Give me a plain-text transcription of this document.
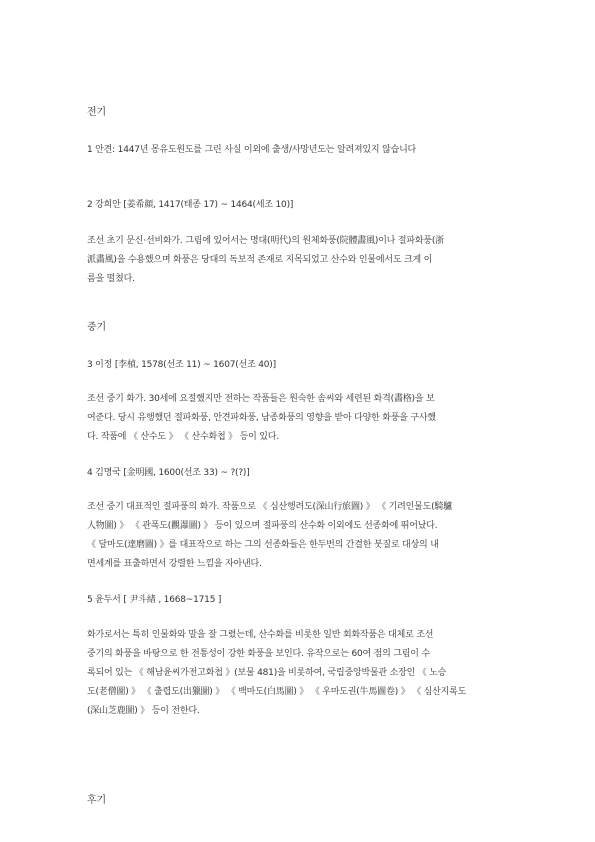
전기
1 안견: 1447년 몽유도원도를 그린 사실 이외에 출생/사망년도는 알려져있지 않습니다
2 강희안 [姜希顔, 1417(태종 17) ~ 1464(세조 10)]
조선 초기 문신·선비화가. 그림에 있어서는 명대(明代)의 원체화풍(院體畵風)이나 절파화풍(浙
派畵風)을 수용했으며 화풍은 당대의 독보적 존재로 지목되었고 산수와 인물에서도 크게 이
름을 떨쳤다.
중기
3 이정 [李楨, 1578(선조 11) ~ 1607(선조 40)]
조선 중기 화가. 30세에 요절했지만 전하는 작품들은 원숙한 솜씨와 세련된 화격(畵格)을 보
여준다. 당시 유행했던 절파화풍, 안견파화풍, 남종화풍의 영향을 받아 다양한 화풍을 구사했
다. 작품에 《 산수도 》 《 산수화첩 》 등이 있다.
4 김명국 [金明國, 1600(선조 33) ~ ?(?)]
조선 중기 대표적인 절파풍의 화가. 작품으로 《 심산행려도(深山行旅圖) 》 《 기려인물도(騎驢
人物圖) 》 《 관폭도(觀瀑圖) 》 등이 있으며 절파풍의 산수화 이외에도 선종화에 뛰어났다.
《 달마도(達磨圖) 》를 대표작으로 하는 그의 선종화들은 한두번의 간결한 붓질로 대상의 내
면세계를 표출하면서 강렬한 느낌을 자아낸다.
5 윤두서 [ 尹斗緖 , 1668~1715 ]
화가로서는 특히 인물화와 말을 잘 그렸는데, 산수화를 비롯한 일반 회화작품은 대체로 조선
중기의 화풍을 바탕으로 한 전통성이 강한 화풍을 보인다. 유작으로는 60여 점의 그림이 수
록되어 있는 《 해남윤씨가전고화첩 》(보물 481)을 비롯하여, 국립중앙박물관 소장인 《 노승
도(老僧圖) 》 《 출렵도(出獵圖) 》 《 백마도(白馬圖) 》 《 우마도권(牛馬圖卷) 》 《 심산지록도
(深山芝鹿圖) 》 등이 전한다.
후기
